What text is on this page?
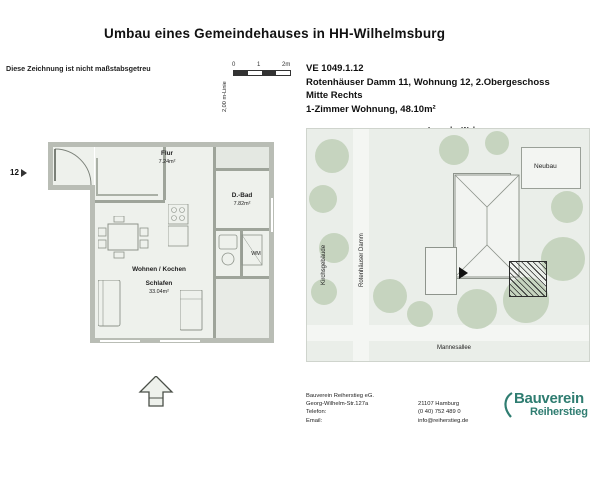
Umbau eines Gemeindehauses in HH-Wilhelmsburg
Diese Zeichnung ist nicht maßstabsgetreu	0	1	2m VE 1049.1.12
Rotenhäuser Damm 11, Wohnung 12, 2.Obergeschoss
Mitte Rechts
1-Zimmer Wohnung, 48.10m²
12
2,00 m-Linie
Flur
7.24m²
D.-Bad
7.82m²
WM
Wohnen / Kochen
Schlafen
33.04m²
Neubau
Kirchsgebäude	Rotenhäuser Damm
Mannesallee
Bauverein Reiherstieg eG.
Georg-Wilhelm-Str.127a
Telefon:
Email:

21107 Hamburg
(0 40) 752 489 0
info@reiherstieg.de
Bauverein
Reiherstieg
